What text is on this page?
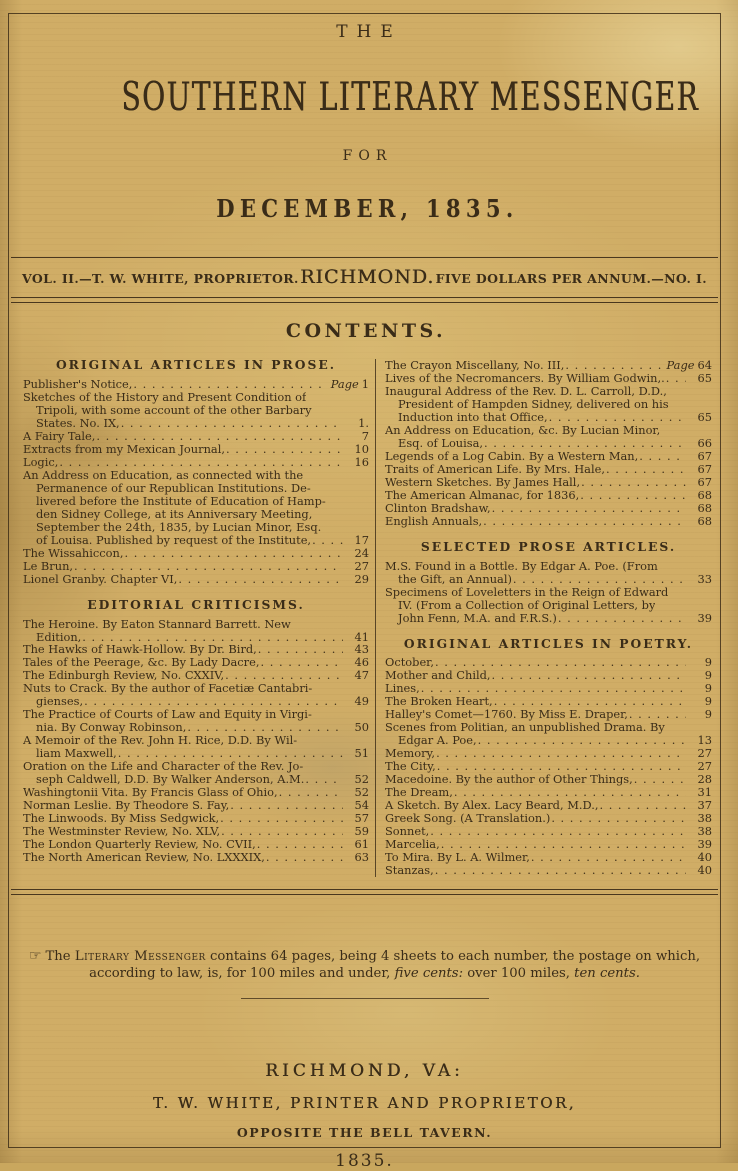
THE
SOUTHERN LITERARY MESSENGER
FOR
DECEMBER, 1835.
VOL. II.—T. W. WHITE, PROPRIETOR. RICHMOND. FIVE DOLLARS PER ANNUM.—NO. I.
CONTENTS.
ORIGINAL ARTICLES IN PROSE.
Publisher's Notice, . . .	Page 1
Sketches of the History and Present Condition of
Tripoli, with some account of the other Barbary
States. No. IX, . . .	1.
A Fairy Tale, . . .	7
Extracts from my Mexican Journal, . . .	10
Logic, . . .	16
An Address on Education, as connected with the
Permanence of our Republican Institutions. De-
livered before the Institute of Education of Hamp-
den Sidney College, at its Anniversary Meeting,
September the 24th, 1835, by Lucian Minor, Esq.
of Louisa. Published by request of the Institute, . . .	17
The Wissahiccon, . . .	24
Le Brun, . . .	27
Lionel Granby. Chapter VI, . . .	29
EDITORIAL CRITICISMS.
The Heroine. By Eaton Stannard Barrett. New
Edition, . . .	41
The Hawks of Hawk-Hollow. By Dr. Bird, . . .	43
Tales of the Peerage, &c. By Lady Dacre, . . .	46
The Edinburgh Review, No. CXXIV, . . .	47
Nuts to Crack. By the author of Facetiæ Cantabri-
gienses, . . .	49
The Practice of Courts of Law and Equity in Virgi-
nia. By Conway Robinson, . . .	50
A Memoir of the Rev. John H. Rice, D.D. By Wil-
liam Maxwell, . . .	51
Oration on the Life and Character of the Rev. Jo-
seph Caldwell, D.D. By Walker Anderson, A.M. . . .	52
Washingtonii Vita. By Francis Glass of Ohio, . . .	52
Norman Leslie. By Theodore S. Fay, . . .	54
The Linwoods. By Miss Sedgwick, . . .	57
The Westminster Review, No. XLV, . . .	59
The London Quarterly Review, No. CVII, . . .	61
The North American Review, No. LXXXIX, . . .	63
The Crayon Miscellany, No. III, . . .	Page 64
Lives of the Necromancers. By William Godwin,. . . .	65
Inaugural Address of the Rev. D. L. Carroll, D.D.,
President of Hampden Sidney, delivered on his
Induction into that Office, . . .	65
An Address on Education, &c. By Lucian Minor,
Esq. of Louisa, . . .	66
Legends of a Log Cabin. By a Western Man, . . .	67
Traits of American Life. By Mrs. Hale, . . .	67
Western Sketches. By James Hall, . . .	67
The American Almanac, for 1836, . . .	68
Clinton Bradshaw, . . .	68
English Annuals, . . .	68
SELECTED PROSE ARTICLES.
M.S. Found in a Bottle. By Edgar A. Poe. (From
the Gift, an Annual) . . .	33
Specimens of Loveletters in the Reign of Edward
IV. (From a Collection of Original Letters, by
John Fenn, M.A. and F.R.S.) . . .	39
ORIGINAL ARTICLES IN POETRY.
October, . . .	9
Mother and Child, . . .	9
Lines, . . .	9
The Broken Heart, . . .	9
Halley's Comet—1760. By Miss E. Draper, . . .	9
Scenes from Politian, an unpublished Drama. By
Edgar A. Poe, . . .	13
Memory, . . .	27
The City, . . .	27
Macedoine. By the author of Other Things, . . .	28
The Dream, . . .	31
A Sketch. By Alex. Lacy Beard, M.D., . . .	37
Greek Song. (A Translation.) . . .	38
Sonnet, . . .	38
Marcelia, . . .	39
To Mira. By L. A. Wilmer, . . .	40
Stanzas, . . .	40
☞ The Literary Messenger contains 64 pages, being 4 sheets to each number, the postage on which, according to law, is, for 100 miles and under, five cents: over 100 miles, ten cents.
RICHMOND, VA:
T. W. WHITE, PRINTER AND PROPRIETOR,
OPPOSITE THE BELL TAVERN.
1835.
